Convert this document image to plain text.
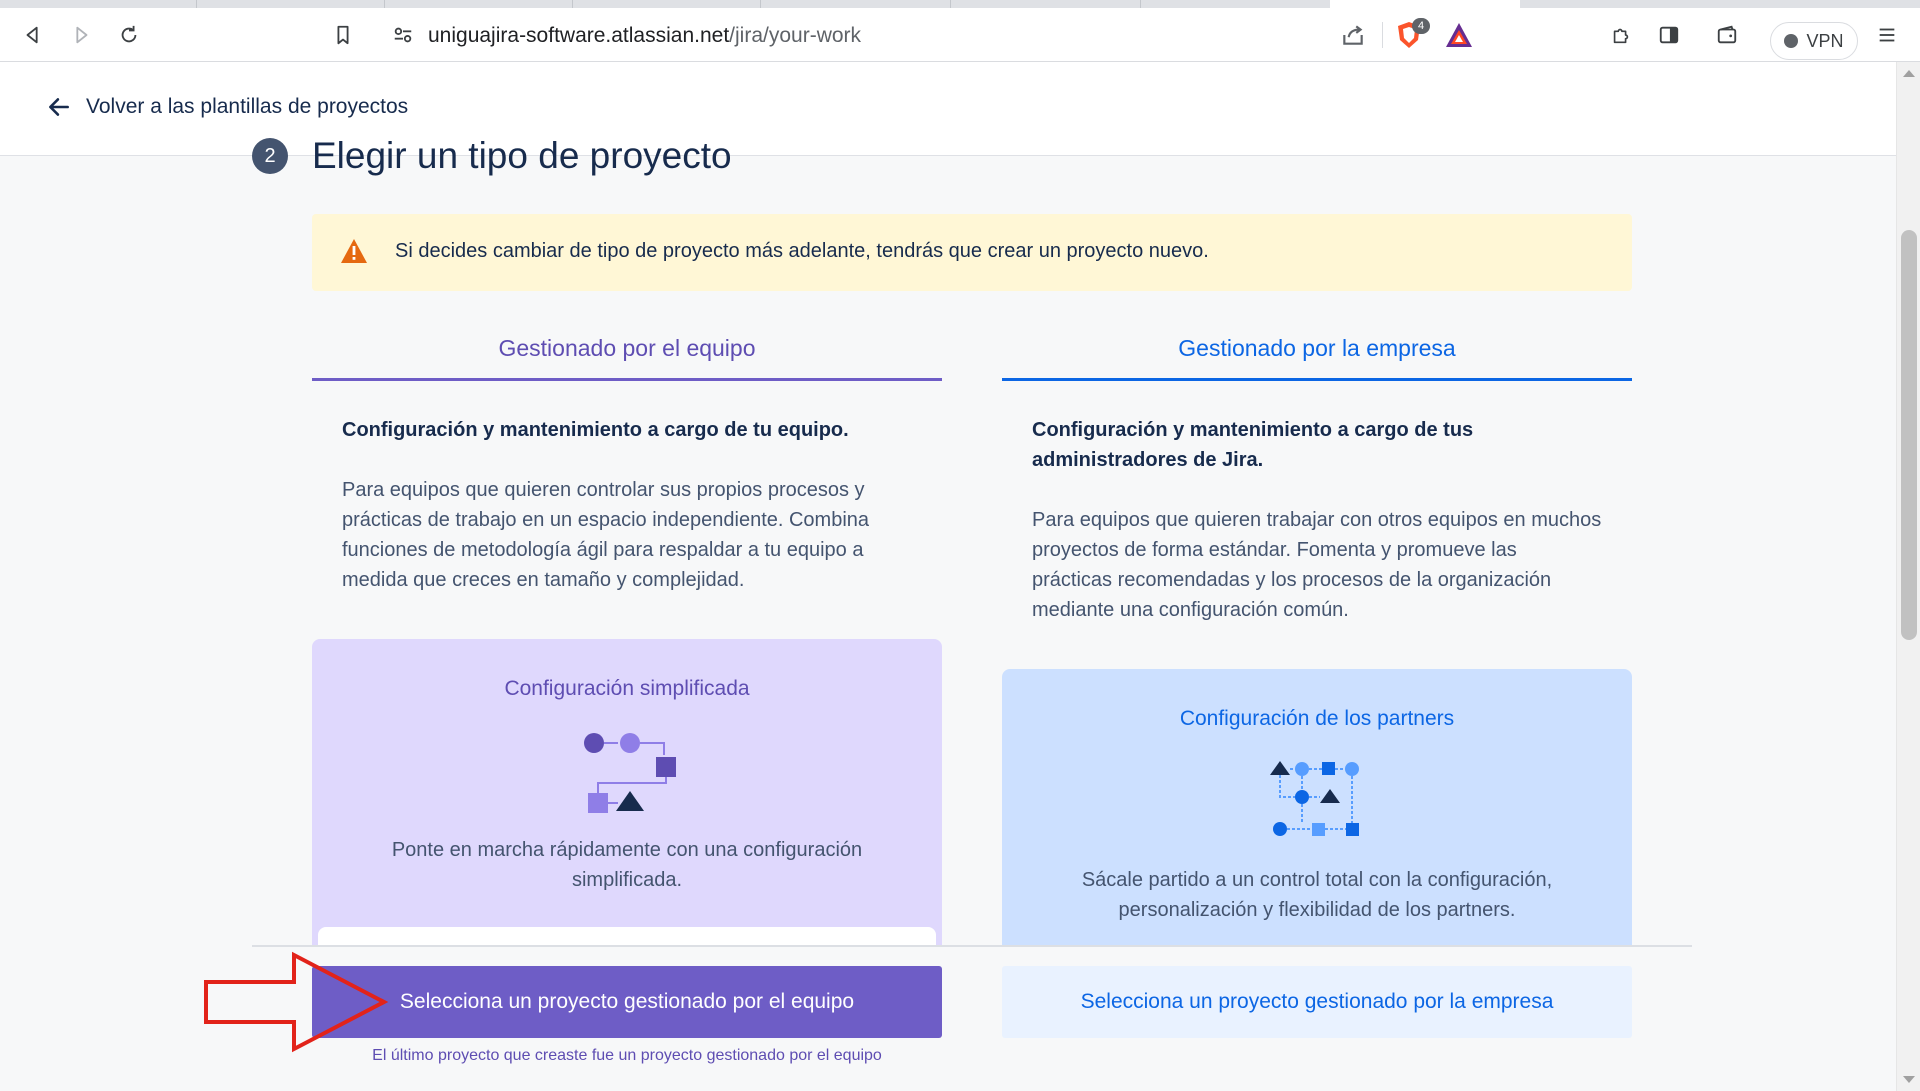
uniguajira-software.atlassian.net/jira/your-work	4
VPN
Volver a las plantillas de proyectos
2 Elegir un tipo de proyecto
Si decides cambiar de tipo de proyecto más adelante, tendrás que crear un proyecto nuevo.
Gestionado por el equipo
Configuración y mantenimiento a cargo de tu equipo.
Para equipos que quieren controlar sus propios procesos y prácticas de trabajo en un espacio independiente. Combina funciones de metodología ágil para respaldar a tu equipo a medida que creces en tamaño y complejidad.
Gestionado por la empresa
Configuración y mantenimiento a cargo de tus administradores de Jira.
Para equipos que quieren trabajar con otros equipos en muchos proyectos de forma estándar. Fomenta y promueve las prácticas recomendadas y los procesos de la organización mediante una configuración común.
Configuración simplificada
Ponte en marcha rápidamente con una configuración simplificada.
Configuración de los partners
Sácale partido a un control total con la configuración, personalización y flexibilidad de los partners.
Selecciona un proyecto gestionado por el equipo	Selecciona un proyecto gestionado por la empresa
El último proyecto que creaste fue un proyecto gestionado por el equipo
